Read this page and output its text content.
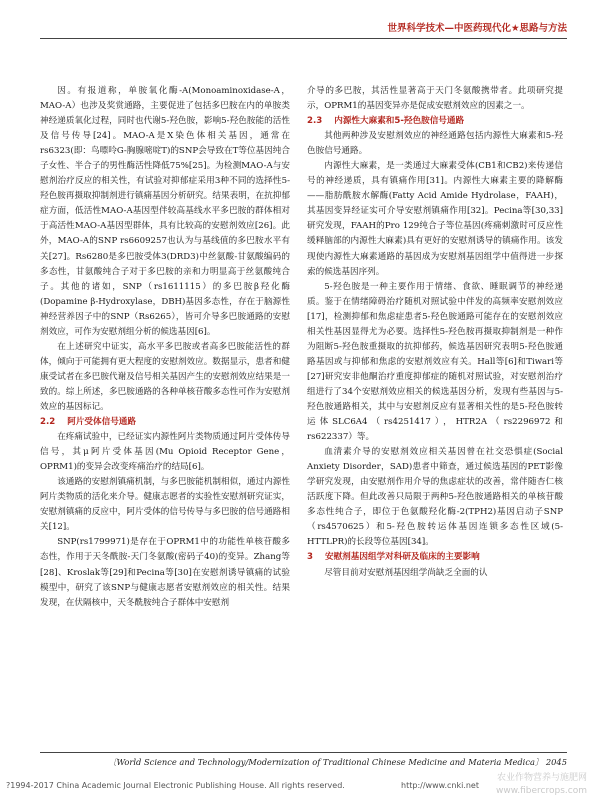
世界科学技术—中医药现代化★思路与方法

因。有报道称，单胺氧化酶-A(Monoaminoxidase-A，MAO-A）也涉及奖赏通路，主要促进了包括多巴胺在内的单胺类神经递质氧化过程，同时也代谢5-羟色胺，影响5-羟色胺能的活性及信号传导[24]。MAO-A是X染色体相关基因，通常在rs6323(即：鸟嘌呤G-胸腺嘧啶T)的SNP会导致在T等位基因纯合子女性、半合子的男性酶活性降低75%[25]。为检测MAO-A与安慰剂治疗反应的相关性，有试验对抑郁症采用3种不同的选择性5-羟色胺再摄取抑制剂进行镇痛基因分析研究。结果表明，在抗抑郁症方面，低活性MAO-A基因型伴较高基线水平多巴胺的群体相对于高活性MAO-A基因型群体，具有比较高的安慰剂效应[26]。此外，MAO-A的SNP rs6609257也认为与基线值的多巴胺水平有关[27]。Rs6280是多巴胺受体3(DRD3)中丝氨酸-甘氨酸编码的多态性，甘氨酸纯合子对于多巴胺的亲和力明显高于丝氨酸纯合子。其他的诸如，SNP（rs1611115）的多巴胺β羟化酶(Dopamine β-Hydroxylase，DBH)基因多态性，存在于脑源性神经营养因子中的SNP（Rs6265），皆可介导多巴胺通路的安慰剂效应，可作为安慰剂组分析的候选基因[6]。

在上述研究中证实，高水平多巴胺或者高多巴胺能活性的群体，倾向于可能拥有更大程度的安慰剂效应。数据显示，患者和健康受试者在多巴胺代谢及信号相关基因产生的安慰剂效应结果是一致的。综上所述，多巴胺通路的各种单核苷酸多态性可作为安慰剂效应的基因标记。

2.2 阿片受体信号通路

在疼痛试验中，已经证实内源性阿片类物质通过阿片受体传导信号，其μ阿片受体基因(Mu Opioid Receptor Gene，OPRM1)的变异会改变疼痛治疗的结局[6]。

该通路的安慰剂镇痛机制，与多巴胺能机制相似，通过内源性阿片类物质的活化来介导。健康志愿者的实验性安慰剂研究证实，安慰剂镇痛的反应中，阿片受体的信号传导与多巴胺的信号通路相关[12]。

SNP(rs1799971)是存在于OPRM1中的功能性单核苷酸多态性，作用于天冬酰胺-天门冬氨酸(密码子40)的变异。Zhang等[28]、Kroslak等[29]和Pecina等[30]在安慰剂诱导镇痛的试验模型中，研究了该SNP与健康志愿者安慰剂效应的相关性。结果发现，在伏隔核中，天冬酰胺纯合子群体中安慰剂

介导的多巴胺，其活性显著高于天门冬氨酸携带者。此项研究提示，OPRM1的基因变异亦是促成安慰剂效应的因素之一。

2.3 内源性大麻素和5-羟色胺信号通路

其他两种涉及安慰剂效应的神经通路包括内源性大麻素和5-羟色胺信号通路。

内源性大麻素，是一类通过大麻素受体(CB1和CB2)来传递信号的神经递质，具有镇痛作用[31]。内源性大麻素主要的降解酶——脂肪酰胺水解酶(Fatty Acid Amide Hydrolase，FAAH)，其基因变异经证实可介导安慰剂镇痛作用[32]。Pecina等[30,33]研究发现，FAAH的Pro 129纯合子等位基因(疼痛刺激时可反应性缓释脑部的内源性大麻素)具有更好的安慰剂诱导的镇痛作用。该发现使内源性大麻素通路的基因成为安慰剂基因组学中值得进一步探索的候选基因序列。

5-羟色胺是一种主要作用于情绪、食欲、睡眠调节的神经递质。鉴于在情绪障碍治疗随机对照试验中伴发的高频率安慰剂效应[17]，检测抑郁和焦虑症患者5-羟色胺通路可能存在的安慰剂效应相关性基因显得尤为必要。选择性5-羟色胺再摄取抑制剂是一种作为阻断5-羟色胺重摄取的抗抑郁药，候选基因研究表明5-羟色胺通路基因或与抑郁和焦虑的安慰剂效应有关。Hall等[6]和Tiwari等[27]研究安非他酮治疗重度抑郁症的随机对照试验，对安慰剂治疗组进行了34个安慰剂效应相关的候选基因分析，发现有些基因与5-羟色胺通路相关，其中与安慰剂反应有显著相关性的是5-羟色胺转运体SLC6A4（rs4251417），HTR2A（rs2296972和rs622337）等。

血清素介导的安慰剂效应相关基因曾在社交恐惧症(Social Anxiety Disorder，SAD)患者中筛查，通过候选基因的PET影像学研究发现，由安慰剂作用介导的焦虑症状的改善，常伴随杏仁核活跃度下降。但此改善只局限于两种5-羟色胺通路相关的单核苷酸多态性纯合子，即位于色氨酸羟化酶-2(TPH2)基因启动子SNP（rs4570625）和5-羟色胺转运体基因连锁多态性区域(5-HTTLPR)的长段等位基因[34]。

3 安慰剂基因组学对科研及临床的主要影响

尽管目前对安慰剂基因组学尚缺乏全面的认

〔World Science and Technology/Modernization of Traditional Chinese Medicine and Materia Medica〕 2045
?1994-2017 China Academic Journal Electronic Publishing House. All rights reserved.	http://www.cnki.net
农业作物营养与施肥网
www.fibercrops.com
